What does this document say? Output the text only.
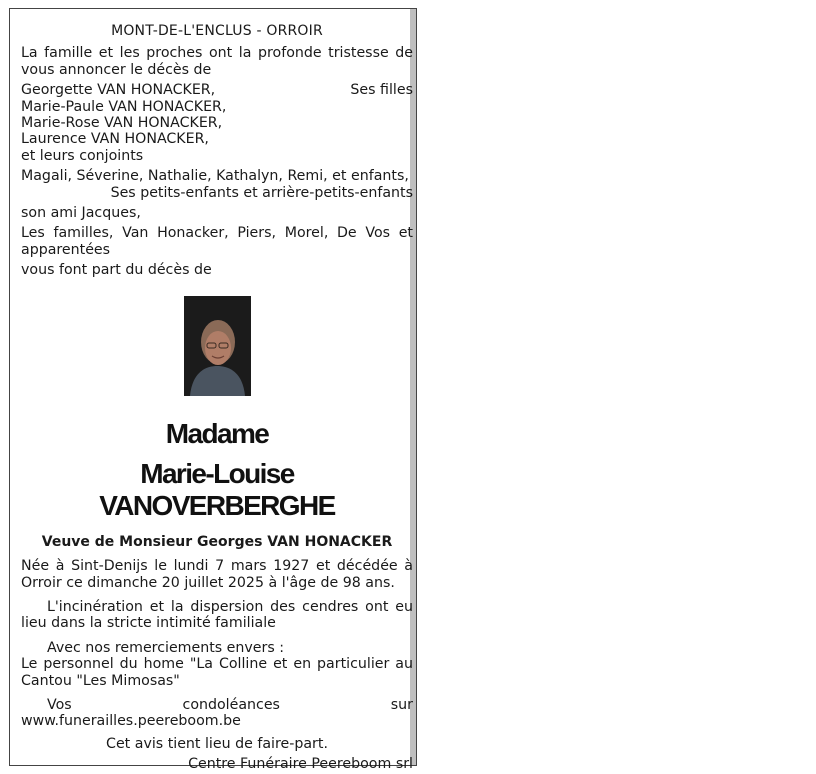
MONT-DE-L'ENCLUS - ORROIR

La famille et les proches ont la profonde tristesse de vous annoncer le décès de

Georgette VAN HONACKER,
Marie-Paule VAN HONACKER,
Marie-Rose VAN HONACKER,
Laurence VAN HONACKER,
et leurs conjoints
Ses filles

Magali, Séverine, Nathalie, Kathalyn, Remi, et enfants,

Ses petits-enfants et arrière-petits-enfants
son ami Jacques,

Les familles, Van Honacker, Piers, Morel, De Vos et apparentées

vous font part du décès de
Madame
Marie-Louise VANOVERBERGHE
Veuve de Monsieur Georges VAN HONACKER

Née à Sint-Denijs le lundi 7 mars 1927 et décédée à Orroir ce dimanche 20 juillet 2025 à l'âge de 98 ans.

L'incinération et la dispersion des cendres ont eu lieu dans la stricte intimité familiale

Avec nos remerciements envers :

Le personnel du home "La Colline et en particulier au Cantou "Les Mimosas"

Vos	condoléances	sur
www.funerailles.peereboom.be
Cet avis tient lieu de faire-part.
Centre Funéraire Peereboom srl
